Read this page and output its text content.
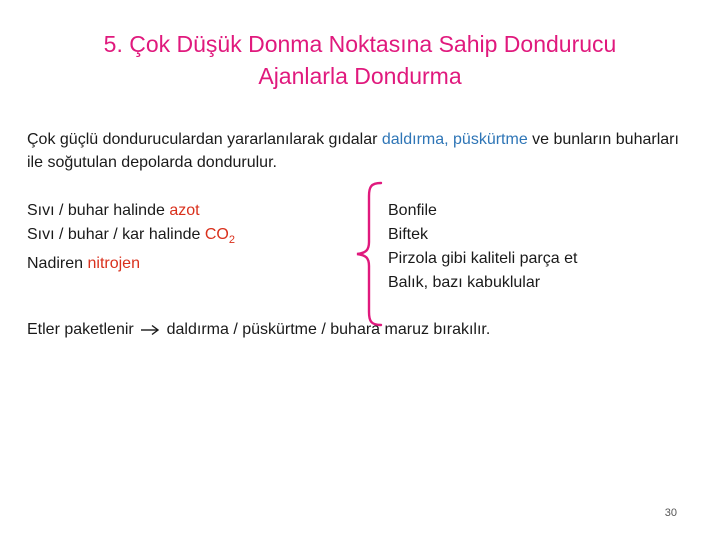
5. Çok Düşük Donma Noktasına Sahip Dondurucu
Ajanlarla Dondurma
Çok güçlü donduruculardan yararlanılarak gıdalar daldırma, püskürtme ve bunların buharları ile soğutulan depolarda dondurulur.
Sıvı / buhar halinde azot
Sıvı / buhar / kar halinde $CO_2$
Nadiren nitrojen
Bonfile
Biftek
Pirzola gibi kaliteli parça et
Balık, bazı kabuklular
Etler paketlenir daldırma / püskürtme / buhara maruz bırakılır.
30
